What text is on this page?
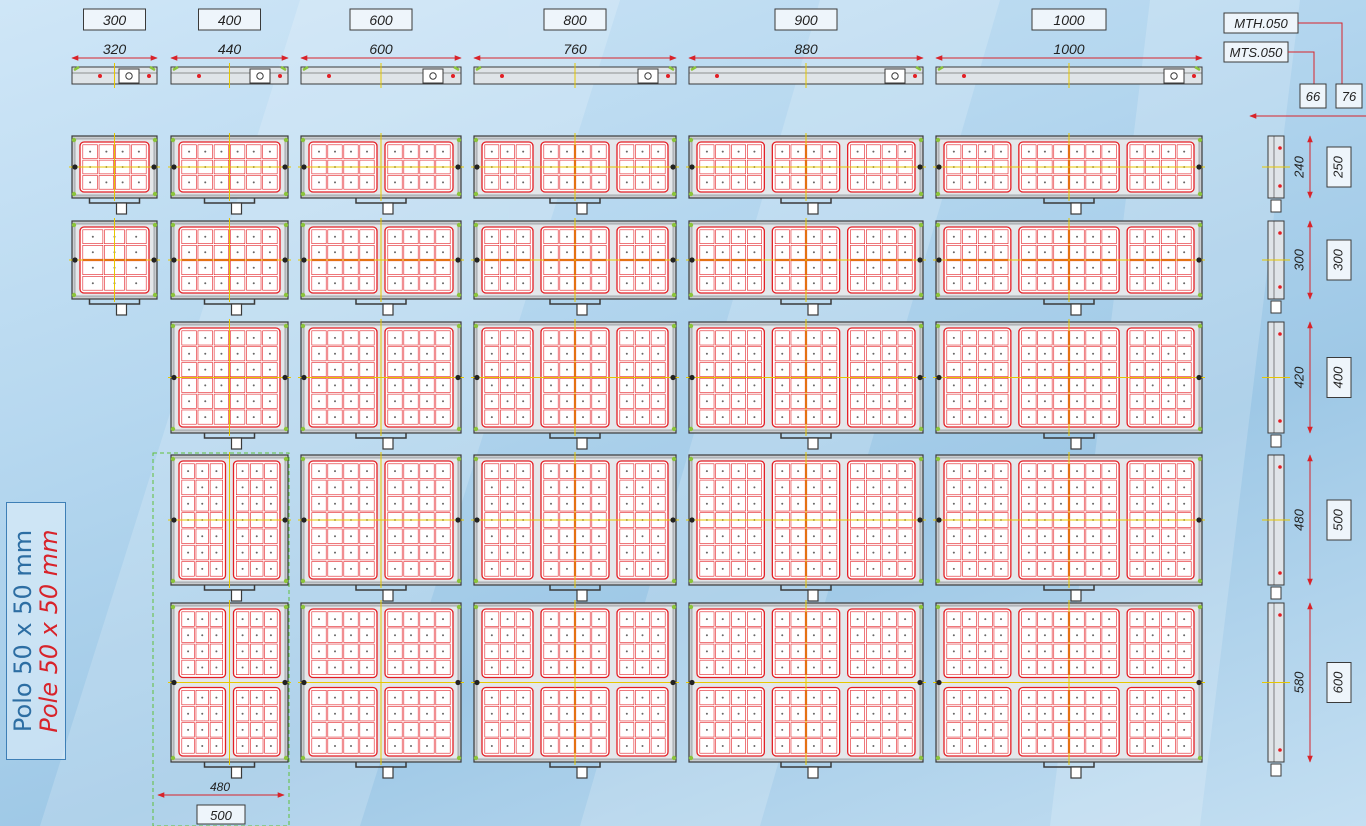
300
320
400
440
600
600
800
760
900
880
1000
1000
MTH.050
MTS.050
66 76
240 250
300 300
420 400
480 500
580 600
480
500
Polo 50 x 50 mm
Pole 50 x 50 mm
